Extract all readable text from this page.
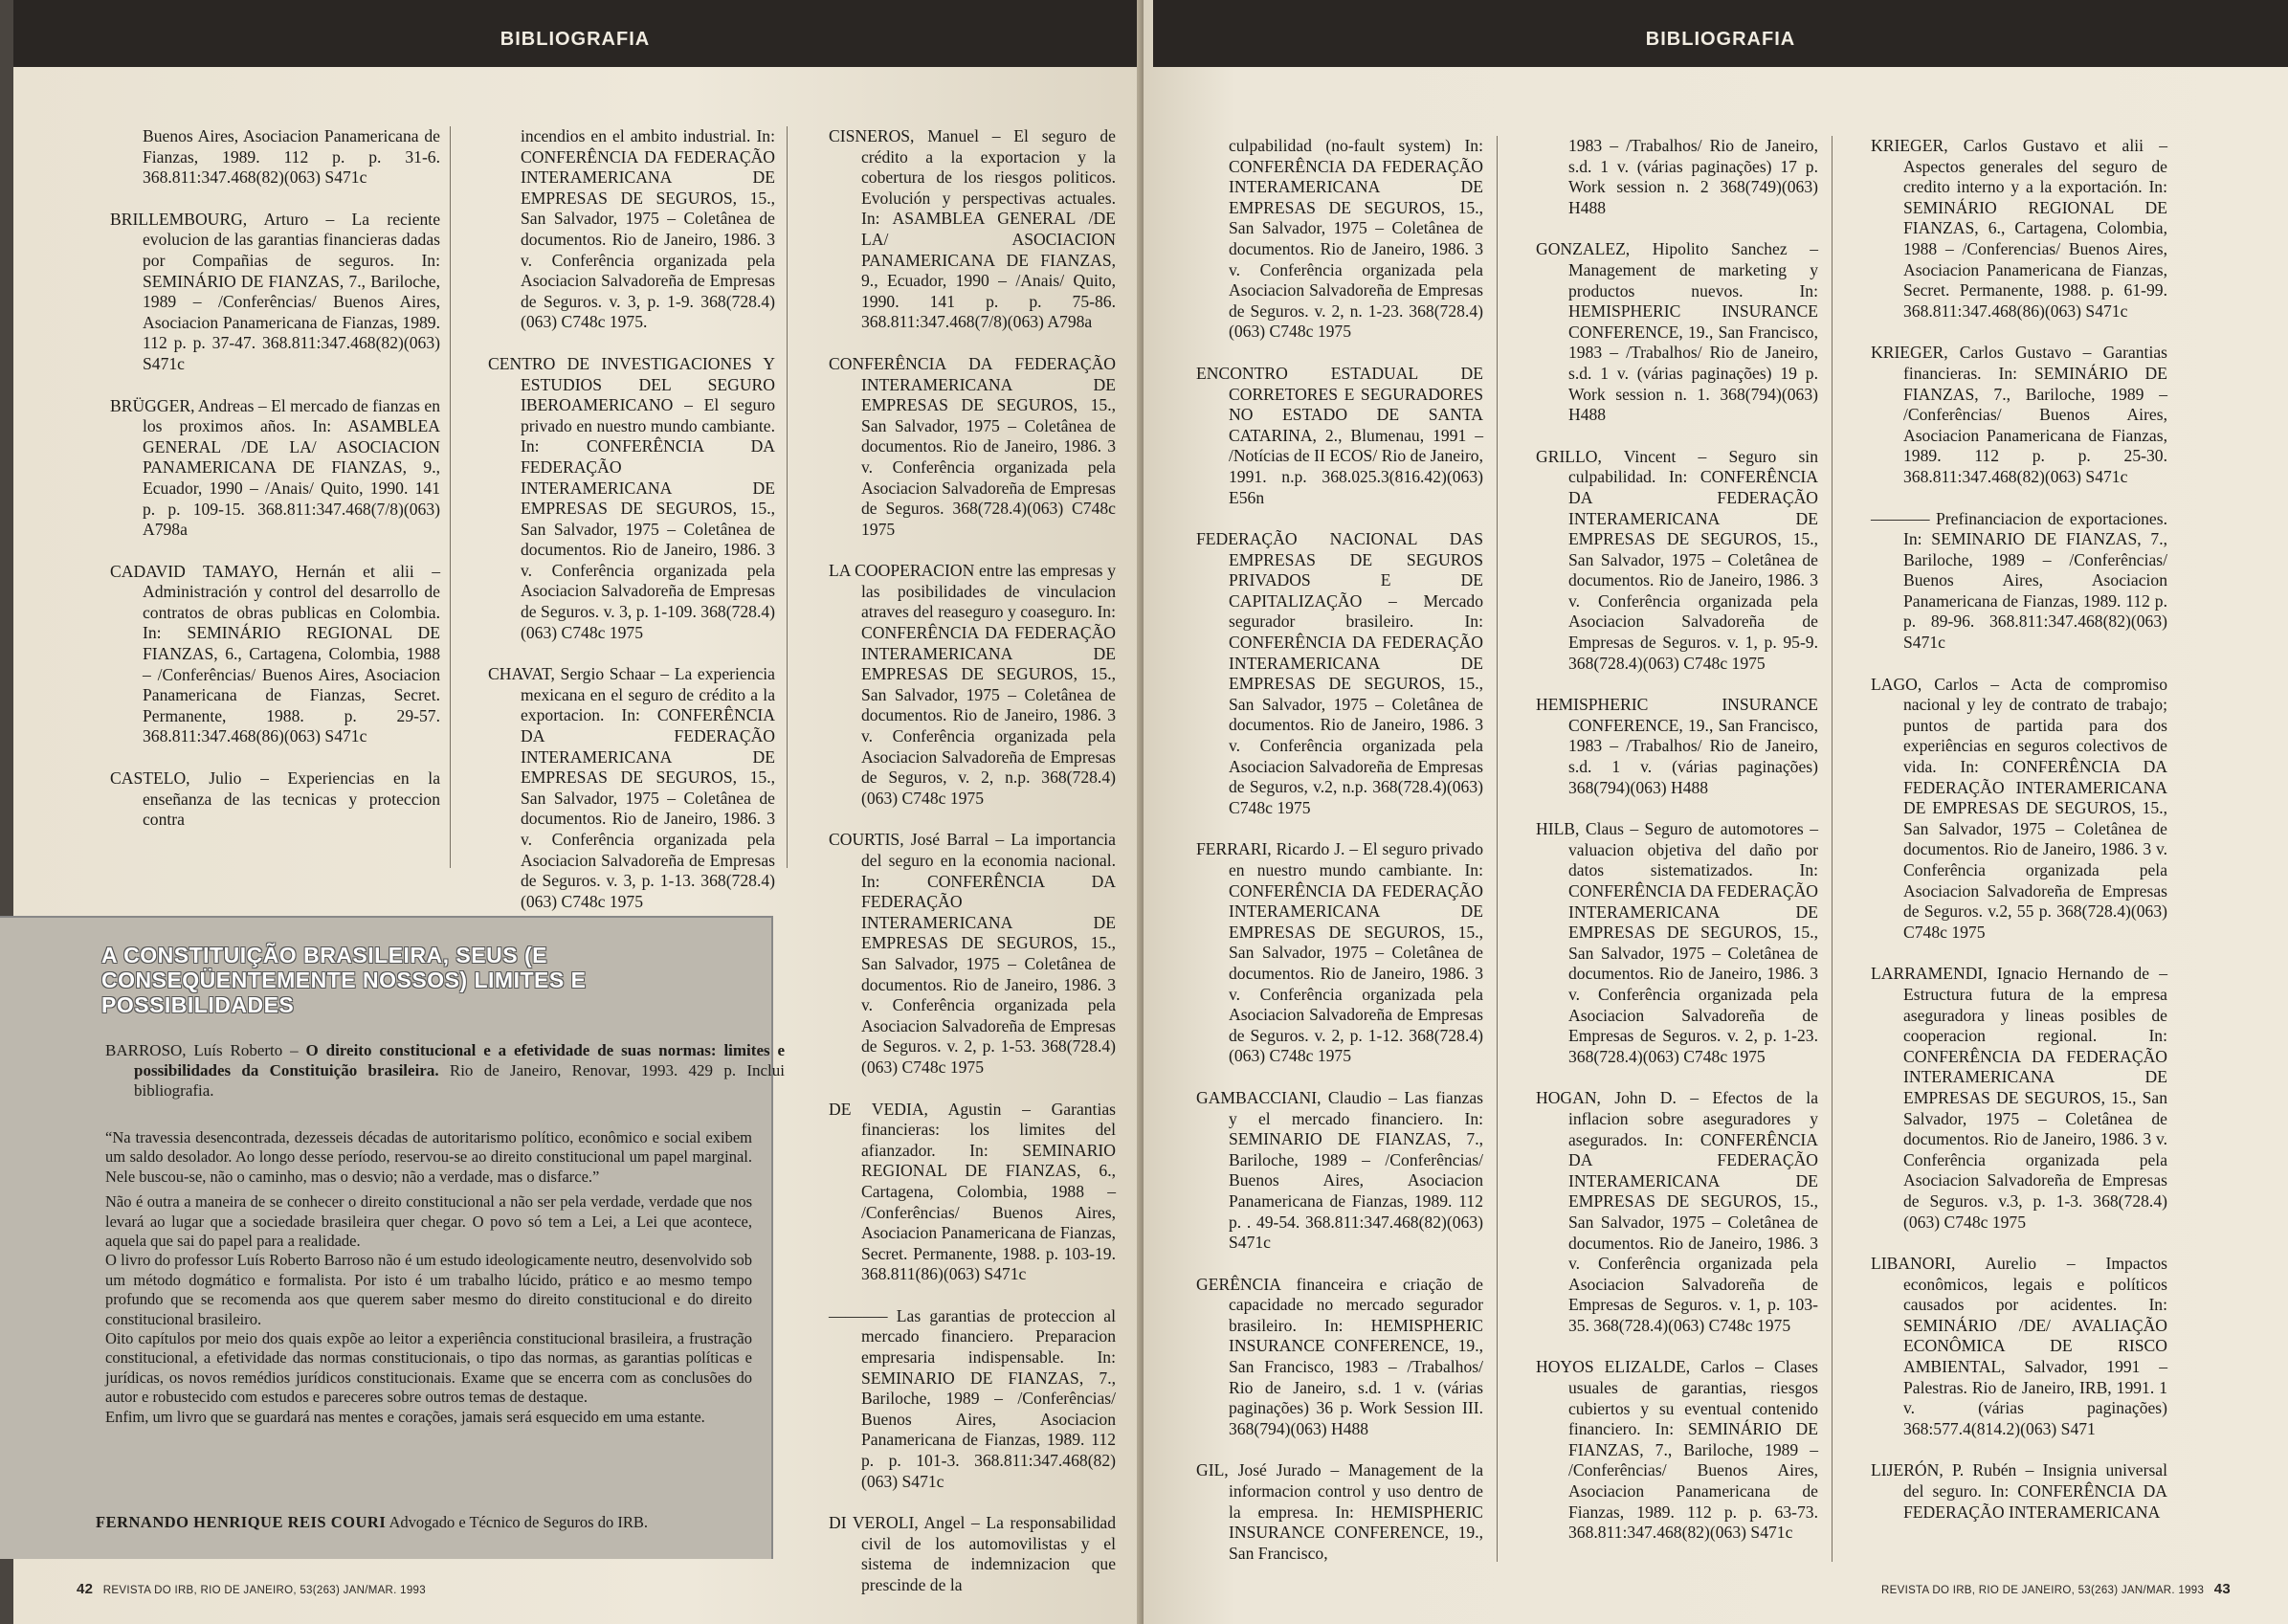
BIBLIOGRAFIA
Buenos Aires, Asociacion Panamericana de Fianzas, 1989. 112 p. p. 31-6. 368.811:347.468(82)(063) S471c
BRILLEMBOURG, Arturo – La reciente evolucion de las garantias financieras dadas por Compañias de seguros. In: SEMINÁRIO DE FIANZAS, 7., Bariloche, 1989 – /Conferências/ Buenos Aires, Asociacion Panamericana de Fianzas, 1989. 112 p. p. 37-47. 368.811:347.468(82)(063) S471c
BRÜGGER, Andreas – El mercado de fianzas en los proximos años. In: ASAMBLEA GENERAL /DE LA/ ASOCIACION PANAMERICANA DE FIANZAS, 9., Ecuador, 1990 – /Anais/ Quito, 1990. 141 p. p. 109-15. 368.811:347.468(7/8)(063) A798a
CADAVID TAMAYO, Hernán et alii – Administración y control del desarrollo de contratos de obras publicas en Colombia. In: SEMINÁRIO REGIONAL DE FIANZAS, 6., Cartagena, Colombia, 1988 – /Conferências/ Buenos Aires, Asociacion Panamericana de Fianzas, Secret. Permanente, 1988. p. 29-57. 368.811:347.468(86)(063) S471c
CASTELO, Julio – Experiencias en la enseñanza de las tecnicas y proteccion contra
incendios en el ambito industrial. In: CONFERÊNCIA DA FEDERAÇÃO INTERAMERICANA DE EMPRESAS DE SEGUROS, 15., San Salvador, 1975 – Coletânea de documentos. Rio de Janeiro, 1986. 3 v. Conferência organizada pela Asociacion Salvadoreña de Empresas de Seguros. v. 3, p. 1-9. 368(728.4)(063) C748c 1975.
CENTRO DE INVESTIGACIONES Y ESTUDIOS DEL SEGURO IBEROAMERICANO – El seguro privado en nuestro mundo cambiante. In: CONFERÊNCIA DA FEDERAÇÃO INTERAMERICANA DE EMPRESAS DE SEGUROS, 15., San Salvador, 1975 – Coletânea de documentos. Rio de Janeiro, 1986. 3 v. Conferência organizada pela Asociacion Salvadoreña de Empresas de Seguros. v. 3, p. 1-109. 368(728.4)(063) C748c 1975
CHAVAT, Sergio Schaar – La experiencia mexicana en el seguro de crédito a la exportacion. In: CONFERÊNCIA DA FEDERAÇÃO INTERAMERICANA DE EMPRESAS DE SEGUROS, 15., San Salvador, 1975 – Coletânea de documentos. Rio de Janeiro, 1986. 3 v. Conferência organizada pela Asociacion Salvadoreña de Empresas de Seguros. v. 3, p. 1-13. 368(728.4)(063) C748c 1975
CISNEROS, Manuel – El seguro de crédito a la exportacion y la cobertura de los riesgos politicos. Evolución y perspectivas actuales. In: ASAMBLEA GENERAL /DE LA/ ASOCIACION PANAMERICANA DE FIANZAS, 9., Ecuador, 1990 – /Anais/ Quito, 1990. 141 p. p. 75-86. 368.811:347.468(7/8)(063) A798a
CONFERÊNCIA DA FEDERAÇÃO INTERAMERICANA DE EMPRESAS DE SEGUROS, 15., San Salvador, 1975 – Coletânea de documentos. Rio de Janeiro, 1986. 3 v. Conferência organizada pela Asociacion Salvadoreña de Empresas de Seguros. 368(728.4)(063) C748c 1975
LA COOPERACION entre las empresas y las posibilidades de vinculacion atraves del reaseguro y coaseguro. In: CONFERÊNCIA DA FEDERAÇÃO INTERAMERICANA DE EMPRESAS DE SEGUROS, 15., San Salvador, 1975 – Coletânea de documentos. Rio de Janeiro, 1986. 3 v. Conferência organizada pela Asociacion Salvadoreña de Empresas de Seguros, v. 2, n.p. 368(728.4)(063) C748c 1975
COURTIS, José Barral – La importancia del seguro en la economia nacional. In: CONFERÊNCIA DA FEDERAÇÃO INTERAMERICANA DE EMPRESAS DE SEGUROS, 15., San Salvador, 1975 – Coletânea de documentos. Rio de Janeiro, 1986. 3 v. Conferência organizada pela Asociacion Salvadoreña de Empresas de Seguros. v. 2, p. 1-53. 368(728.4)(063) C748c 1975
DE VEDIA, Agustin – Garantias financieras: los limites del afianzador. In: SEMINARIO REGIONAL DE FIANZAS, 6., Cartagena, Colombia, 1988 – /Conferências/ Buenos Aires, Asociacion Panamericana de Fianzas, Secret. Permanente, 1988. p. 103-19. 368.811(86)(063) S471c
———– Las garantias de proteccion al mercado financiero. Preparacion empresaria indispensable. In: SEMINARIO DE FIANZAS, 7., Bariloche, 1989 – /Conferências/ Buenos Aires, Asociacion Panamericana de Fianzas, 1989. 112 p. p. 101-3. 368.811:347.468(82)(063) S471c
DI VEROLI, Angel – La responsabilidad civil de los automovilistas y el sistema de indemnizacion que prescinde de la
A CONSTITUIÇÃO BRASILEIRA, SEUS (E CONSEQÜENTEMENTE NOSSOS) LIMITES E POSSIBILIDADES
BARROSO, Luís Roberto – O direito constitucional e a efetividade de suas normas: limites e possibilidades da Constituição brasileira. Rio de Janeiro, Renovar, 1993. 429 p. Inclui bibliografia.

“Na travessia desencontrada, dezesseis décadas de autoritarismo político, econômico e social exibem um saldo desolador. Ao longo desse período, reservou-se ao direito constitucional um papel marginal. Nele buscou-se, não o caminho, mas o desvio; não a verdade, mas o disfarce.”

Não é outra a maneira de se conhecer o direito constitucional a não ser pela verdade, verdade que nos levará ao lugar que a sociedade brasileira quer chegar. O povo só tem a Lei, a Lei que acontece, aquela que sai do papel para a realidade.

O livro do professor Luís Roberto Barroso não é um estudo ideologicamente neutro, desenvolvido sob um método dogmático e formalista. Por isto é um trabalho lúcido, prático e ao mesmo tempo profundo que se recomenda aos que querem saber mesmo do direito constitucional e do direito constitucional brasileiro.

Oito capítulos por meio dos quais expõe ao leitor a experiência constitucional brasileira, a frustração constitucional, a efetividade das normas constitucionais, o tipo das normas, as garantias políticas e jurídicas, os novos remédios jurídicos constitucionais. Exame que se encerra com as conclusões do autor e robustecido com estudos e pareceres sobre outros temas de destaque.

Enfim, um livro que se guardará nas mentes e corações, jamais será esquecido em uma estante.

FERNANDO HENRIQUE REIS COURI Advogado e Técnico de Seguros do IRB.
42 REVISTA DO IRB, RIO DE JANEIRO, 53(263) JAN/MAR. 1993
BIBLIOGRAFIA
culpabilidad (no-fault system) In: CONFERÊNCIA DA FEDERAÇÃO INTERAMERICANA DE EMPRESAS DE SEGUROS, 15., San Salvador, 1975 – Coletânea de documentos. Rio de Janeiro, 1986. 3 v. Conferência organizada pela Asociacion Salvadoreña de Empresas de Seguros. v. 2, n. 1-23. 368(728.4)(063) C748c 1975
ENCONTRO ESTADUAL DE CORRETORES E SEGURADORES NO ESTADO DE SANTA CATARINA, 2., Blumenau, 1991 – /Notícias de II ECOS/ Rio de Janeiro, 1991. n.p. 368.025.3(816.42)(063) E56n
FEDERAÇÃO NACIONAL DAS EMPRESAS DE SEGUROS PRIVADOS E DE CAPITALIZAÇÃO – Mercado segurador brasileiro. In: CONFERÊNCIA DA FEDERAÇÃO INTERAMERICANA DE EMPRESAS DE SEGUROS, 15., San Salvador, 1975 – Coletânea de documentos. Rio de Janeiro, 1986. 3 v. Conferência organizada pela Asociacion Salvadoreña de Empresas de Seguros, v.2, n.p. 368(728.4)(063) C748c 1975
FERRARI, Ricardo J. – El seguro privado en nuestro mundo cambiante. In: CONFERÊNCIA DA FEDERAÇÃO INTERAMERICANA DE EMPRESAS DE SEGUROS, 15., San Salvador, 1975 – Coletânea de documentos. Rio de Janeiro, 1986. 3 v. Conferência organizada pela Asociacion Salvadoreña de Empresas de Seguros. v. 2, p. 1-12. 368(728.4)(063) C748c 1975
GAMBACCIANI, Claudio – Las fianzas y el mercado financiero. In: SEMINARIO DE FIANZAS, 7., Bariloche, 1989 – /Conferências/ Buenos Aires, Asociacion Panamericana de Fianzas, 1989. 112 p. . 49-54. 368.811:347.468(82)(063) S471c
GERÊNCIA financeira e criação de capacidade no mercado segurador brasileiro. In: HEMISPHERIC INSURANCE CONFERENCE, 19., San Francisco, 1983 – /Trabalhos/ Rio de Janeiro, s.d. 1 v. (várias paginações) 36 p. Work Session III. 368(794)(063) H488
GIL, José Jurado – Management de la informacion control y uso dentro de la empresa. In: HEMISPHERIC INSURANCE CONFERENCE, 19., San Francisco,
1983 – /Trabalhos/ Rio de Janeiro, s.d. 1 v. (várias paginações) 17 p. Work session n. 2 368(749)(063) H488
GONZALEZ, Hipolito Sanchez – Management de marketing y productos nuevos. In: HEMISPHERIC INSURANCE CONFERENCE, 19., San Francisco, 1983 – /Trabalhos/ Rio de Janeiro, s.d. 1 v. (várias paginações) 19 p. Work session n. 1. 368(794)(063) H488
GRILLO, Vincent – Seguro sin culpabilidad. In: CONFERÊNCIA DA FEDERAÇÃO INTERAMERICANA DE EMPRESAS DE SEGUROS, 15., San Salvador, 1975 – Coletânea de documentos. Rio de Janeiro, 1986. 3 v. Conferência organizada pela Asociacion Salvadoreña de Empresas de Seguros. v. 1, p. 95-9. 368(728.4)(063) C748c 1975
HEMISPHERIC INSURANCE CONFERENCE, 19., San Francisco, 1983 – /Trabalhos/ Rio de Janeiro, s.d. 1 v. (várias paginações) 368(794)(063) H488
HILB, Claus – Seguro de automotores – valuacion objetiva del daño por datos sistematizados. In: CONFERÊNCIA DA FEDERAÇÃO INTERAMERICANA DE EMPRESAS DE SEGUROS, 15., San Salvador, 1975 – Coletânea de documentos. Rio de Janeiro, 1986. 3 v. Conferência organizada pela Asociacion Salvadoreña de Empresas de Seguros. v. 2, p. 1-23. 368(728.4)(063) C748c 1975
HOGAN, John D. – Efectos de la inflacion sobre aseguradores y asegurados. In: CONFERÊNCIA DA FEDERAÇÃO INTERAMERICANA DE EMPRESAS DE SEGUROS, 15., San Salvador, 1975 – Coletânea de documentos. Rio de Janeiro, 1986. 3 v. Conferência organizada pela Asociacion Salvadoreña de Empresas de Seguros. v. 1, p. 103-35. 368(728.4)(063) C748c 1975
HOYOS ELIZALDE, Carlos – Clases usuales de garantias, riesgos cubiertos y su eventual contenido financiero. In: SEMINÁRIO DE FIANZAS, 7., Bariloche, 1989 – /Conferências/ Buenos Aires, Asociacion Panamericana de Fianzas, 1989. 112 p. p. 63-73. 368.811:347.468(82)(063) S471c
KRIEGER, Carlos Gustavo et alii – Aspectos generales del seguro de credito interno y a la exportación. In: SEMINÁRIO REGIONAL DE FIANZAS, 6., Cartagena, Colombia, 1988 – /Conferencias/ Buenos Aires, Asociacion Panamericana de Fianzas, Secret. Permanente, 1988. p. 61-99. 368.811:347.468(86)(063) S471c
KRIEGER, Carlos Gustavo – Garantias financieras. In: SEMINÁRIO DE FIANZAS, 7., Bariloche, 1989 – /Conferências/ Buenos Aires, Asociacion Panamericana de Fianzas, 1989. 112 p. p. 25-30. 368.811:347.468(82)(063) S471c
———– Prefinanciacion de exportaciones. In: SEMINARIO DE FIANZAS, 7., Bariloche, 1989 – /Conferências/ Buenos Aires, Asociacion Panamericana de Fianzas, 1989. 112 p. p. 89-96. 368.811:347.468(82)(063) S471c
LAGO, Carlos – Acta de compromiso nacional y ley de contrato de trabajo; puntos de partida para dos experiências en seguros colectivos de vida. In: CONFERÊNCIA DA FEDERAÇÃO INTERAMERICANA DE EMPRESAS DE SEGUROS, 15., San Salvador, 1975 – Coletânea de documentos. Rio de Janeiro, 1986. 3 v. Conferência organizada pela Asociacion Salvadoreña de Empresas de Seguros. v.2, 55 p. 368(728.4)(063) C748c 1975
LARRAMENDI, Ignacio Hernando de – Estructura futura de la empresa aseguradora y lineas posibles de cooperacion regional. In: CONFERÊNCIA DA FEDERAÇÃO INTERAMERICANA DE EMPRESAS DE SEGUROS, 15., San Salvador, 1975 – Coletânea de documentos. Rio de Janeiro, 1986. 3 v. Conferência organizada pela Asociacion Salvadoreña de Empresas de Seguros. v.3, p. 1-3. 368(728.4)(063) C748c 1975
LIBANORI, Aurelio – Impactos econômicos, legais e políticos causados por acidentes. In: SEMINÁRIO /DE/ AVALIAÇÃO ECONÔMICA DE RISCO AMBIENTAL, Salvador, 1991 – Palestras. Rio de Janeiro, IRB, 1991. 1 v. (várias paginações) 368:577.4(814.2)(063) S471
LIJERÓN, P. Rubén – Insignia universal del seguro. In: CONFERÊNCIA DA FEDERAÇÃO INTERAMERICANA
REVISTA DO IRB, RIO DE JANEIRO, 53(263) JAN/MAR. 1993 43
